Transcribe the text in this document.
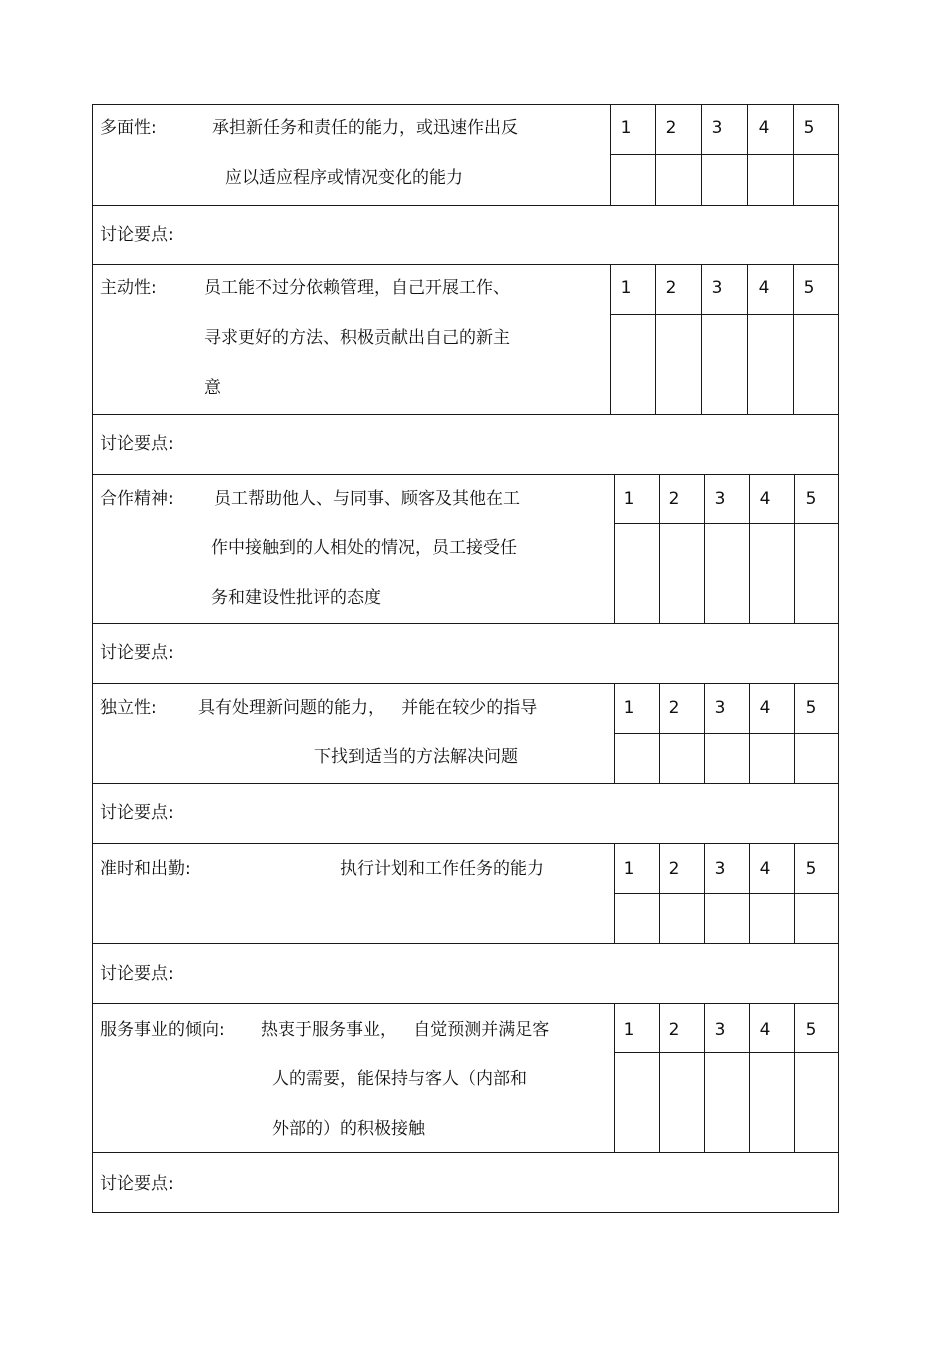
多面性:	承担新任务和责任的能力，或迅速作出反
应以适应程序或情况变化的能力
1	2	3	4	5
讨论要点:
主动性:	员工能不过分依赖管理，自己开展工作、
寻求更好的方法、积极贡献出自己的新主
意
1	2	3	4	5
讨论要点:
合作精神: 员工帮助他人、与同事、顾客及其他在工
作中接触到的人相处的情况，员工接受任
务和建设性批评的态度
1	2	3	4	5
讨论要点:
独立性: 具有处理新问题的能力，   并能在较少的指导
下找到适当的方法解决问题
1	2	3	4	5
讨论要点:
准时和出勤:	执行计划和工作任务的能力	1	2	3	4	5
讨论要点:
服务事业的倾向: 热衷于服务事业，   自觉预测并满足客
人的需要，能保持与客人（内部和
外部的）的积极接触
1	2	3	4	5
讨论要点:
